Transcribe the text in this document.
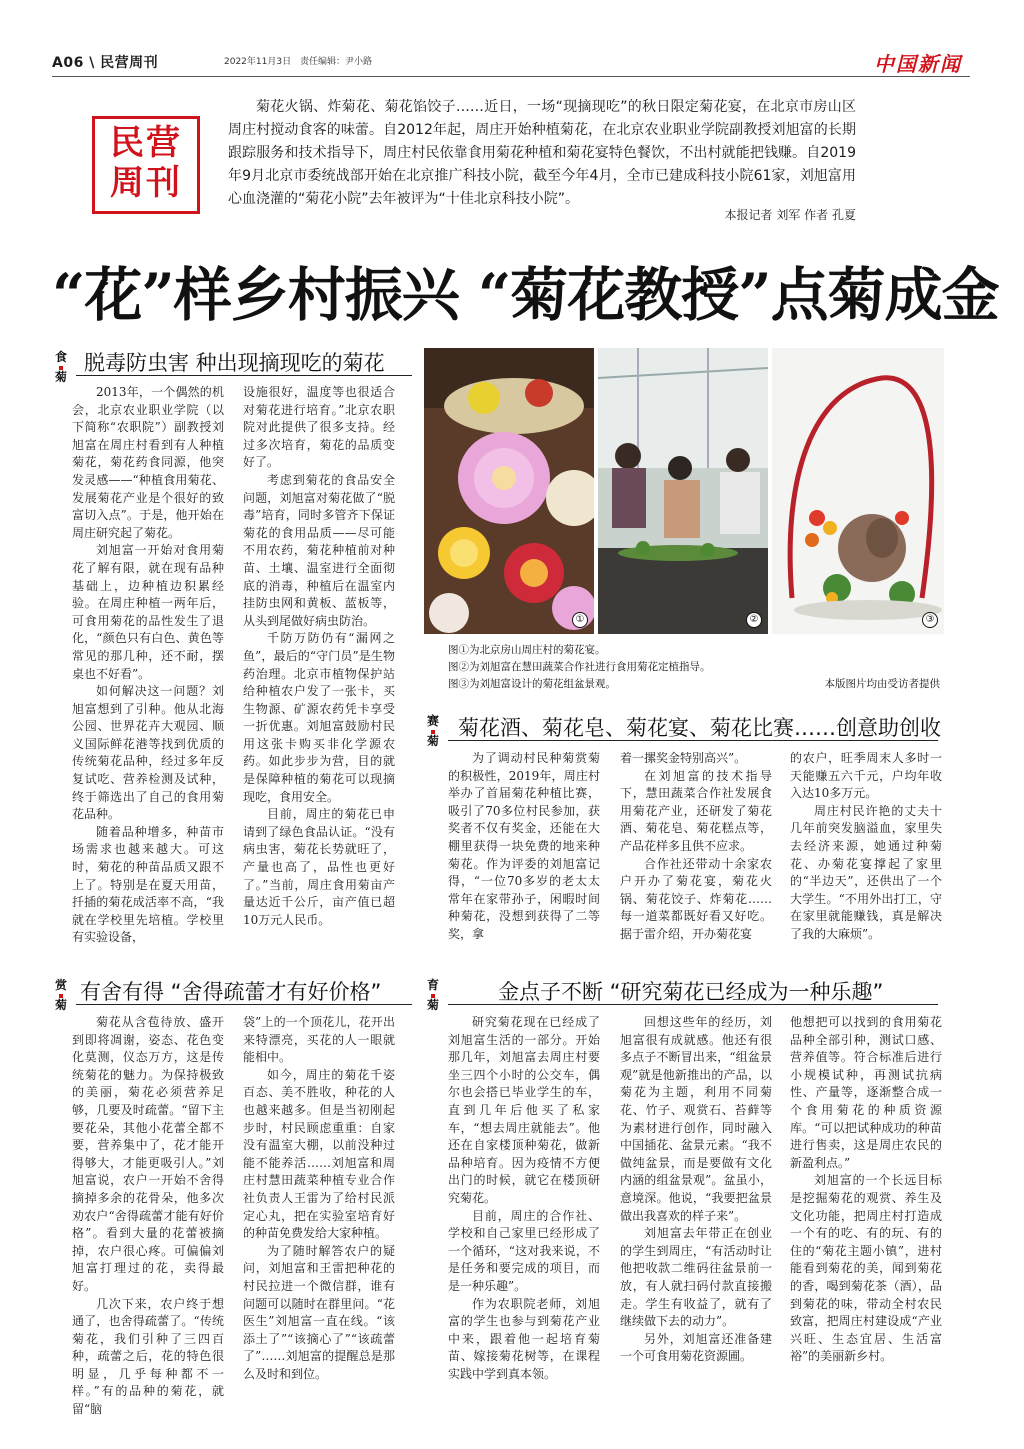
A06 \ 民营周刊	2022年11月3日 责任编辑：尹小路	中国新闻
民营
周刊
菊花火锅、炸菊花、菊花馅饺子……近日，一场“现摘现吃”的秋日限定菊花宴，在北京市房山区周庄村搅动食客的味蕾。自2012年起，周庄开始种植菊花，在北京农业职业学院副教授刘旭富的长期跟踪服务和技术指导下，周庄村民依靠食用菊花种植和菊花宴特色餐饮，不出村就能把钱赚。自2019年9月北京市委统战部开始在北京推广科技小院，截至今年4月，全市已建成科技小院61家，刘旭富用心血浇灌的“菊花小院”去年被评为“十佳北京科技小院”。
本报记者 刘军 作者 孔夏
“花”样乡村振兴 “菊花教授”点菊成金
食
菊
脱毒防虫害 种出现摘现吃的菊花

2013年，一个偶然的机会，北京农业职业学院（以下简称“农职院”）副教授刘旭富在周庄村看到有人种植菊花，菊花药食同源，他突发灵感——“种植食用菊花、发展菊花产业是个很好的致富切入点”。于是，他开始在周庄研究起了菊花。

刘旭富一开始对食用菊花了解有限，就在现有品种基础上，边种植边积累经验。在周庄种植一两年后，可食用菊花的品性发生了退化，“颜色只有白色、黄色等常见的那几种，还不耐，摆桌也不好看”。

如何解决这一问题？刘旭富想到了引种。他从北海公园、世界花卉大观园、顺义国际鲜花港等找到优质的传统菊花品种，经过多年反复试吃、营养检测及试种，终于筛选出了自己的食用菊花品种。

随着品种增多，种苗市场需求也越来越大。可这时，菊花的种苗品质又跟不上了。特别是在夏天用苗，扦插的菊花成活率不高，“我就在学校里先培植。学校里有实验设备，

设施很好，温度等也很适合对菊花进行培育。”北京农职院对此提供了很多支持。经过多次培育，菊花的品质变好了。

考虑到菊花的食品安全问题，刘旭富对菊花做了“脱毒”培育，同时多管齐下保证菊花的食用品质——尽可能不用农药，菊花种植前对种苗、土壤、温室进行全面彻底的消毒，种植后在温室内挂防虫网和黄板、蓝板等，从头到尾做好病虫防治。

千防万防仍有“漏网之鱼”，最后的“守门员”是生物药治理。北京市植物保护站给种植农户发了一张卡，买生物源、矿源农药凭卡享受一折优惠。刘旭富鼓励村民用这张卡购买非化学源农药。如此步步为营，目的就是保障种植的菊花可以现摘现吃，食用安全。

目前，周庄的菊花已申请到了绿色食品认证。“没有病虫害，菊花长势就旺了，产量也高了，品性也更好了。”当前，周庄食用菊亩产量达近千公斤，亩产值已超10万元人民币。

①	②	③
图①为北京房山周庄村的菊花宴。
图②为刘旭富在慧田蔬菜合作社进行食用菊花定植指导。
图③为刘旭富设计的菊花组盆景观。	本版图片均由受访者提供
赛
菊
菊花酒、菊花皂、菊花宴、菊花比赛……创意助创收

为了调动村民种菊赏菊的积极性，2019年，周庄村举办了首届菊花种植比赛，吸引了70多位村民参加，获奖者不仅有奖金，还能在大棚里获得一块免费的地来种菊花。作为评委的刘旭富记得，“一位70多岁的老太太常年在家带孙子，闲暇时间种菊花，没想到获得了二等奖，拿

着一摞奖金特别高兴”。

在刘旭富的技术指导下，慧田蔬菜合作社发展食用菊花产业，还研发了菊花酒、菊花皂、菊花糕点等，产品花样多且供不应求。

合作社还带动十余家农户开办了菊花宴，菊花火锅、菊花饺子、炸菊花……每一道菜都既好看又好吃。据于雷介绍，开办菊花宴

的农户，旺季周末人多时一天能赚五六千元，户均年收入达10多万元。

周庄村民许艳的丈夫十几年前突发脑溢血，家里失去经济来源，她通过种菊花、办菊花宴撑起了家里的“半边天”，还供出了一个大学生。“不用外出打工，守在家里就能赚钱，真是解决了我的大麻烦”。

赏
菊
有舍有得 “舍得疏蕾才有好价格”

菊花从含苞待放、盛开到即将凋谢，姿态、花色变化莫测，仪态万方，这是传统菊花的魅力。为保持极致的美丽，菊花必须营养足够，几要及时疏蕾。“留下主要花朵，其他小花蕾全都不要，营养集中了，花才能开得够大，才能更吸引人。”刘旭富说，农户一开始不舍得摘掉多余的花骨朵，他多次劝农户“舍得疏蕾才能有好价格”。看到大量的花蕾被摘掉，农户很心疼。可偏偏刘旭富打理过的花，卖得最好。

几次下来，农户终于想通了，也舍得疏蕾了。“传统菊花，我们引种了三四百种，疏蕾之后，花的特色很明显，几乎每种都不一样。”有的品种的菊花，就留“脑

袋”上的一个顶花儿，花开出来特漂亮，买花的人一眼就能相中。

如今，周庄的菊花千姿百态、美不胜收，种花的人也越来越多。但是当初刚起步时，村民顾虑重重：自家没有温室大棚，以前没种过能不能养活……刘旭富和周庄村慧田蔬菜种植专业合作社负责人王雷为了给村民派定心丸，把在实验室培育好的种苗免费发给大家种植。

为了随时解答农户的疑问，刘旭富和王雷把种花的村民拉进一个微信群，谁有问题可以随时在群里问。“花医生”刘旭富一直在线。“该添土了”“该摘心了”“该疏蕾了”……刘旭富的提醒总是那么及时和到位。

育
菊
金点子不断 “研究菊花已经成为一种乐趣”

研究菊花现在已经成了刘旭富生活的一部分。开始那几年，刘旭富去周庄村要坐三四个小时的公交车，偶尔也会搭已毕业学生的车，直到几年后他买了私家车，“想去周庄就能去”。他还在自家楼顶种菊花，做新品种培育。因为疫情不方便出门的时候，就它在楼顶研究菊花。

目前，周庄的合作社、学校和自己家里已经形成了一个循环，“这对我来说，不是任务和要完成的项目，而是一种乐趣”。

作为农职院老师，刘旭富的学生也参与到菊花产业中来，跟着他一起培育菊苗、嫁接菊花树等，在课程实践中学到真本领。

回想这些年的经历，刘旭富很有成就感。他还有很多点子不断冒出来，“组盆景观”就是他新推出的产品，以菊花为主题，利用不同菊花、竹子、观赏石、苔藓等为素材进行创作，同时融入中国插花、盆景元素。“我不做纯盆景，而是要做有文化内涵的组盆景观”。盆虽小，意境深。他说，“我要把盆景做出我喜欢的样子来”。

刘旭富去年带正在创业的学生到周庄，“有活动时让他把收款二维码往盆景前一放，有人就扫码付款直接搬走。学生有收益了，就有了继续做下去的动力”。

另外，刘旭富还准备建一个可食用菊花资源圃。

他想把可以找到的食用菊花品种全部引种，测试口感、营养值等。符合标准后进行小规模试种，再测试抗病性、产量等，逐渐整合成一个食用菊花的种质资源库。“可以把试种成功的种苗进行售卖，这是周庄农民的新盈利点。”

刘旭富的一个长远目标是挖掘菊花的观赏、养生及文化功能，把周庄村打造成一个有的吃、有的玩、有的住的“菊花主题小镇”，进村能看到菊花的美，闻到菊花的香，喝到菊花茶（酒），品到菊花的味，带动全村农民致富，把周庄村建设成“产业兴旺、生态宜居、生活富裕”的美丽新乡村。
